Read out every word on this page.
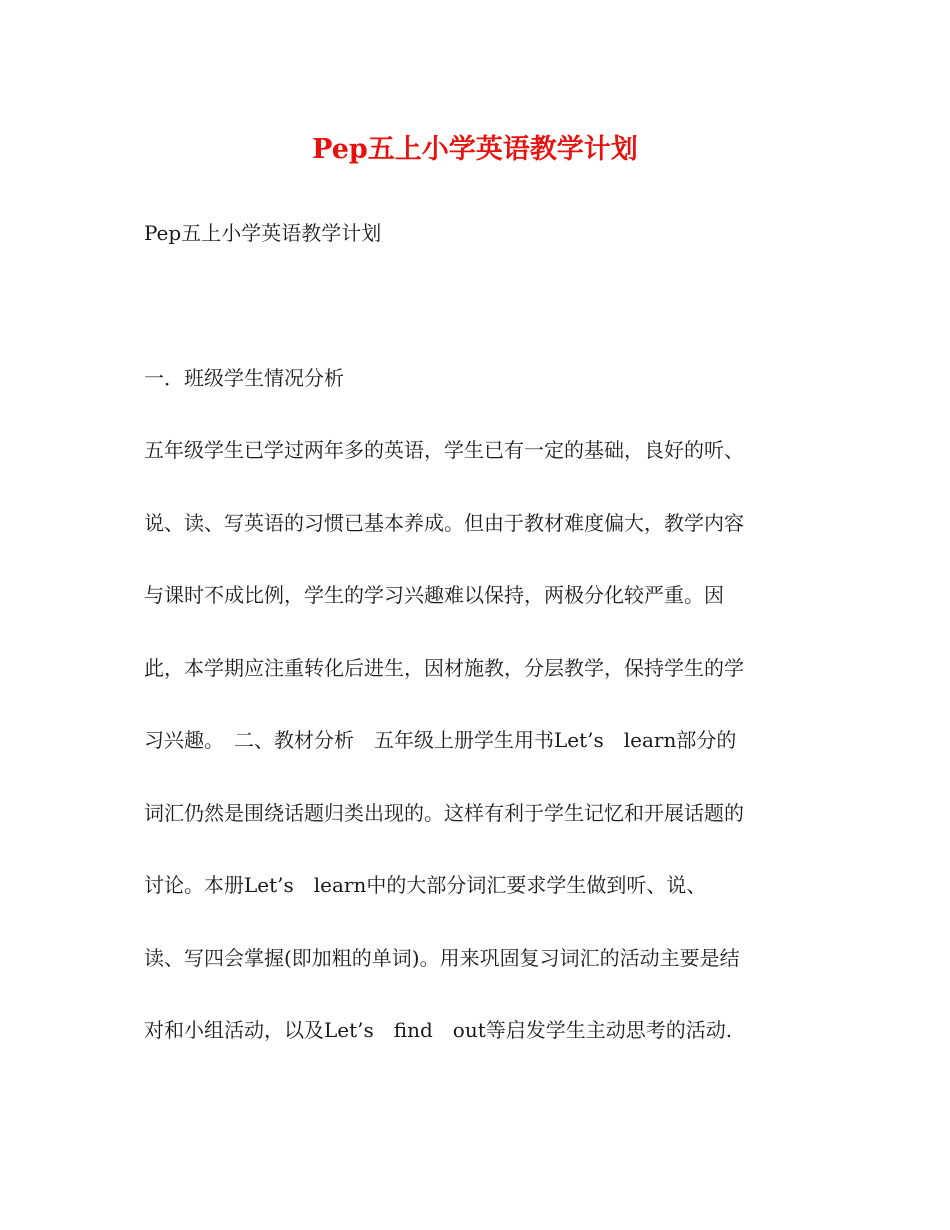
Pep五上小学英语教学计划

Pep五上小学英语教学计划

一．班级学生情况分析

五年级学生已学过两年多的英语，学生已有一定的基础，良好的听、

说、读、写英语的习惯已基本养成。但由于教材难度偏大，教学内容

与课时不成比例，学生的学习兴趣难以保持，两极分化较严重。因

此，本学期应注重转化后进生，因材施教，分层教学，保持学生的学

习兴趣。　二、教材分析　五年级上册学生用书Let’s　learn部分的

词汇仍然是围绕话题归类出现的。这样有利于学生记忆和开展话题的

讨论。本册Let’s　learn中的大部分词汇要求学生做到听、说、

读、写四会掌握(即加粗的单词)。用来巩固复习词汇的活动主要是结

对和小组活动，以及Let’s　find　out等启发学生主动思考的活动.
